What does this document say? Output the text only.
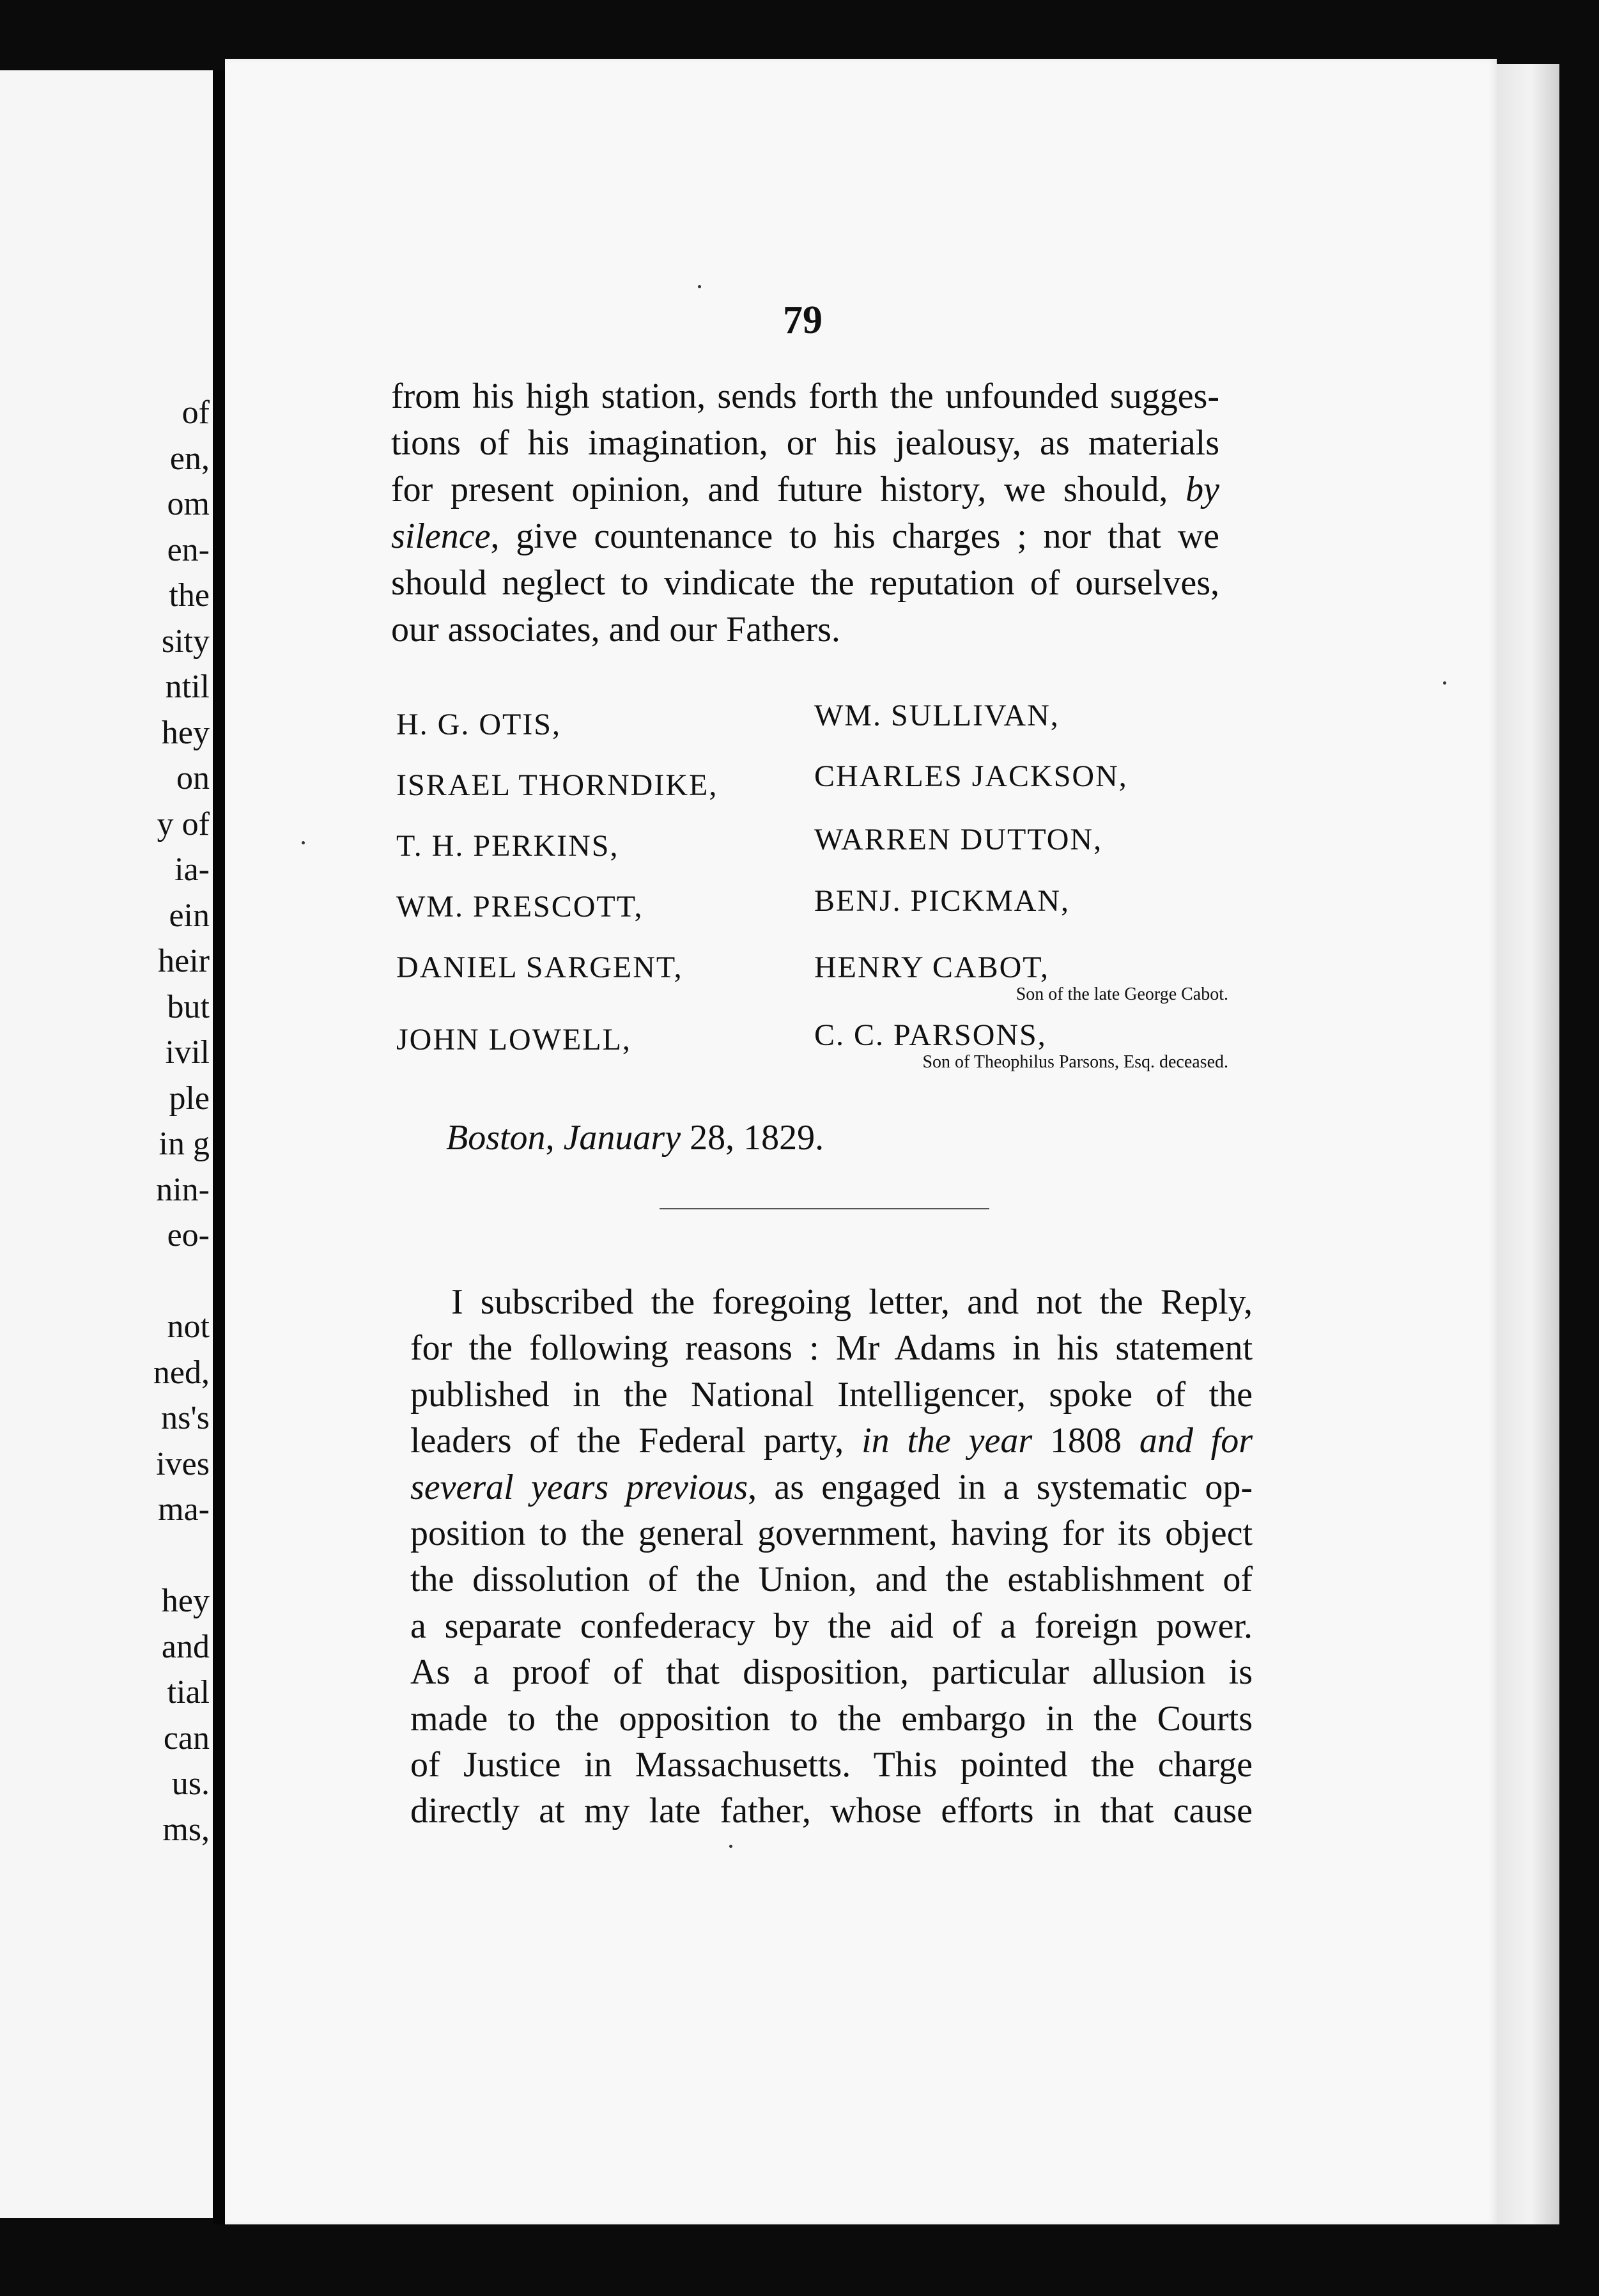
of
en,
om
en-
the
sity
ntil
hey
on
y of
ia-
ein
heir
but
ivil
ple
in g
nin-
eo-
not
ned,
ns's
ives
ma-
hey
and
tial
can
us.
ms,
79
from his high station, sends forth the unfounded sugges-
tions of his imagination, or his jealousy, as materials
for present opinion, and future history, we should, by
silence, give countenance to his charges ; nor that we
should neglect to vindicate the reputation of ourselves,
our associates, and our Fathers.
H. G. OTIS,
ISRAEL THORNDIKE,
T. H. PERKINS,
WM. PRESCOTT,
DANIEL SARGENT,
JOHN LOWELL,
WM. SULLIVAN,
CHARLES JACKSON,
WARREN DUTTON,
BENJ. PICKMAN,
HENRY CABOT,
Son of the late George Cabot.
C. C. PARSONS,
Son of Theophilus Parsons, Esq. deceased.
Boston, January 28, 1829.
I subscribed the foregoing letter, and not the Reply,
for the following reasons : Mr Adams in his statement
published in the National Intelligencer, spoke of the
leaders of the Federal party, in the year 1808 and for
several years previous, as engaged in a systematic op-
position to the general government, having for its object
the dissolution of the Union, and the establishment of
a separate confederacy by the aid of a foreign power.
As a proof of that disposition, particular allusion is
made to the opposition to the embargo in the Courts
of Justice in Massachusetts. This pointed the charge
directly at my late father, whose efforts in that cause
